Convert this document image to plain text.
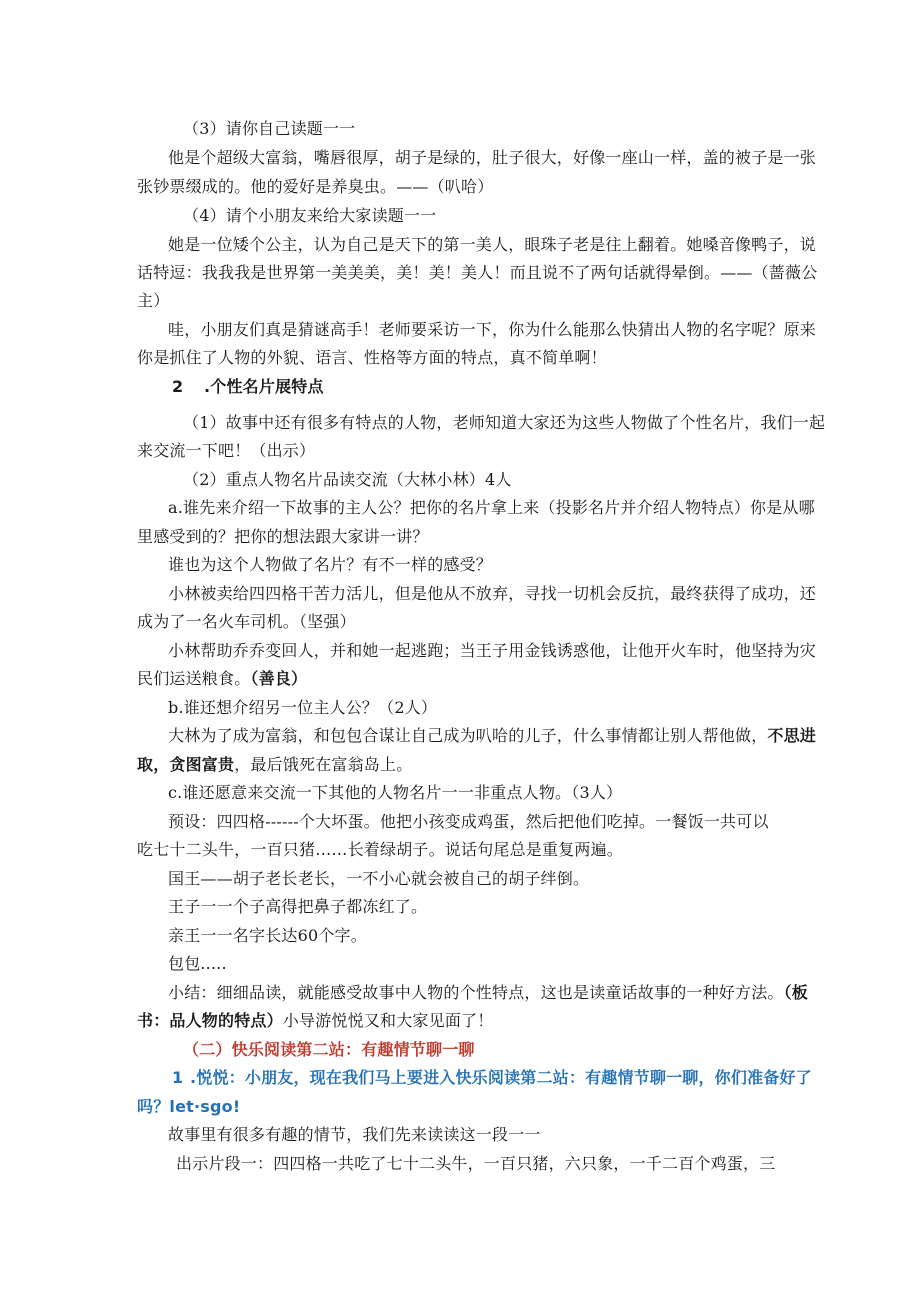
（3）请你自己读题一一
他是个超级大富翁，嘴唇很厚，胡子是绿的，肚子很大，好像一座山一样，盖的被子是一张
张钞票缀成的。他的爱好是养臭虫。——（叭哈）
（4）请个小朋友来给大家读题一一
她是一位矮个公主，认为自己是天下的第一美人，眼珠子老是往上翻着。她嗓音像鸭子，说
话特逗：我我我是世界第一美美美，美！美！美人！而且说不了两句话就得晕倒。——（蔷薇公
主）
哇，小朋友们真是猜谜高手！老师要采访一下，你为什么能那么快猜出人物的名字呢？原来
你是抓住了人物的外貌、语言、性格等方面的特点，真不简单啊！
2 .个性名片展特点
（1）故事中还有很多有特点的人物，老师知道大家还为这些人物做了个性名片，我们一起
来交流一下吧！（出示）
（2）重点人物名片品读交流（大林小林）4人
a.谁先来介绍一下故事的主人公？把你的名片拿上来（投影名片并介绍人物特点）你是从哪
里感受到的？把你的想法跟大家讲一讲？
谁也为这个人物做了名片？有不一样的感受？
小林被卖给四四格干苦力活儿，但是他从不放弃，寻找一切机会反抗，最终获得了成功，还
成为了一名火车司机。（坚强）
小林帮助乔乔变回人，并和她一起逃跑；当王子用金钱诱惑他，让他开火车时，他坚持为灾
民们运送粮食。（善良）
b.谁还想介绍另一位主人公？（2人）
大林为了成为富翁，和包包合谋让自己成为叭哈的儿子，什么事情都让别人帮他做，不思进
取，贪图富贵，最后饿死在富翁岛上。
c.谁还愿意来交流一下其他的人物名片一一非重点人物。（3人）
预设：四四格------个大坏蛋。他把小孩变成鸡蛋，然后把他们吃掉。一餐饭一共可以
吃七十二头牛，一百只猪……长着绿胡子。说话句尾总是重复两遍。
国王——胡子老长老长，一不小心就会被自己的胡子绊倒。
王子一一个子高得把鼻子都冻红了。
亲王一一名字长达60个字。
包包.....
小结：细细品读，就能感受故事中人物的个性特点，这也是读童话故事的一种好方法。（板
书：品人物的特点）小导游悦悦又和大家见面了！
（二）快乐阅读第二站：有趣情节聊一聊
1 .悦悦：小朋友，现在我们马上要进入快乐阅读第二站：有趣情节聊一聊，你们准备好了
吗？let·sgo!
故事里有很多有趣的情节，我们先来读读这一段一一
出示片段一：四四格一共吃了七十二头牛，一百只猪，六只象，一千二百个鸡蛋，三
